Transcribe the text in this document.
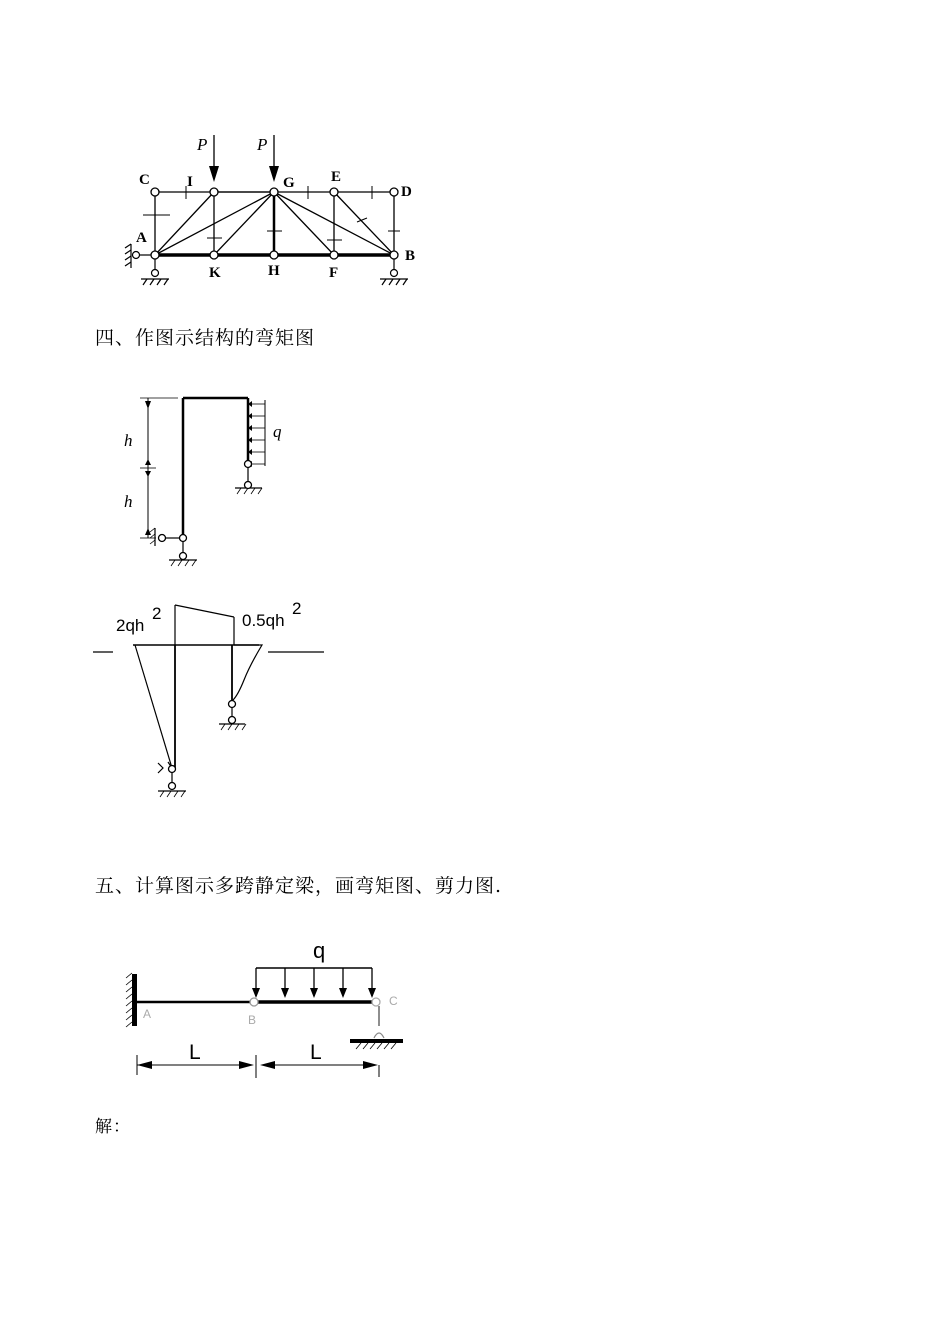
P	P
C I	G E
D
A
B
K	H	F
四、作图示结构的弯矩图
h
h
q
2qh
2	0.5qh
2
五、计算图示多跨静定梁，画弯矩图、剪力图.
q
A	B
C
L	L
解：
